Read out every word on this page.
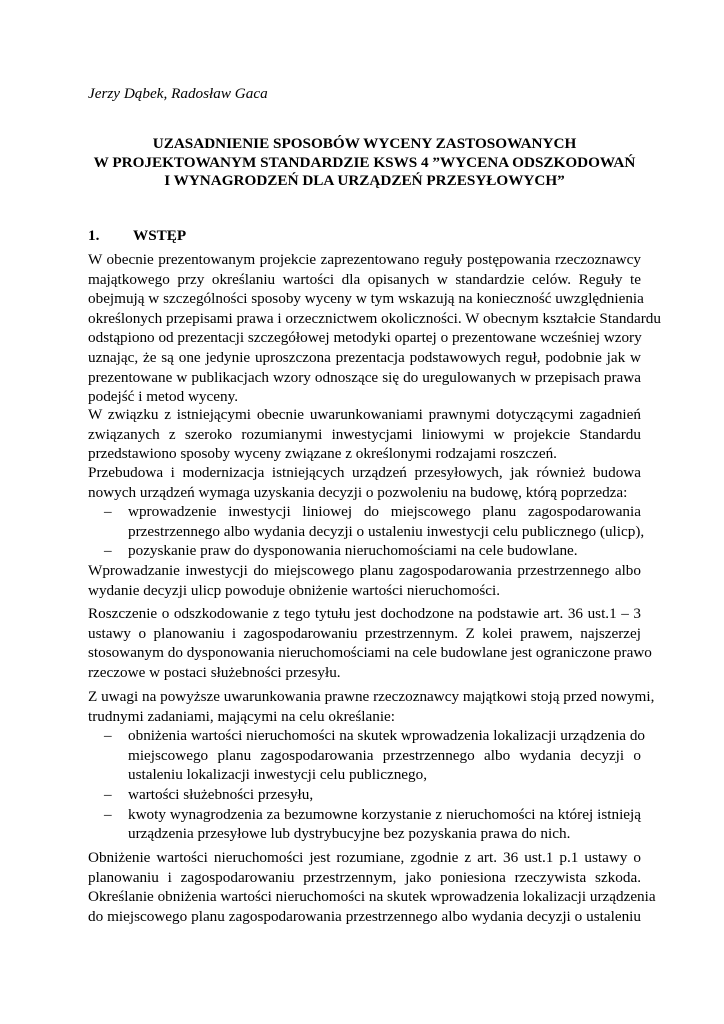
Jerzy Dąbek, Radosław Gaca
UZASADNIENIE SPOSOBÓW WYCENY ZASTOSOWANYCH
W PROJEKTOWANYM STANDARDZIE KSWS 4 ”WYCENA ODSZKODOWAŃ
I WYNAGRODZEŃ DLA URZĄDZEŃ PRZESYŁOWYCH”
1. WSTĘP
W obecnie prezentowanym projekcie zaprezentowano reguły postępowania rzeczoznawcy
majątkowego przy określaniu wartości dla opisanych w standardzie celów. Reguły te
obejmują w szczególności sposoby wyceny w tym wskazują na konieczność uwzględnienia
określonych przepisami prawa i orzecznictwem okoliczności. W obecnym kształcie Standardu
odstąpiono od prezentacji szczegółowej metodyki opartej o prezentowane wcześniej wzory
uznając, że są one jedynie uproszczona prezentacja podstawowych reguł, podobnie jak w
prezentowane w publikacjach wzory odnoszące się do uregulowanych w przepisach prawa
podejść i metod wyceny.
W związku z istniejącymi obecnie uwarunkowaniami prawnymi dotyczącymi zagadnień
związanych z szeroko rozumianymi inwestycjami liniowymi w projekcie Standardu
przedstawiono sposoby wyceny związane z określonymi rodzajami roszczeń.
Przebudowa i modernizacja istniejących urządzeń przesyłowych, jak również budowa
nowych urządzeń wymaga uzyskania decyzji o pozwoleniu na budowę, którą poprzedza:
– wprowadzenie inwestycji liniowej do miejscowego planu zagospodarowania
przestrzennego albo wydania decyzji o ustaleniu inwestycji celu publicznego (ulicp),
– pozyskanie praw do dysponowania nieruchomościami na cele budowlane.
Wprowadzanie inwestycji do miejscowego planu zagospodarowania przestrzennego albo
wydanie decyzji ulicp powoduje obniżenie wartości nieruchomości.
Roszczenie o odszkodowanie z tego tytułu jest dochodzone na podstawie art. 36 ust.1 – 3
ustawy o planowaniu i zagospodarowaniu przestrzennym. Z kolei prawem, najszerzej
stosowanym do dysponowania nieruchomościami na cele budowlane jest ograniczone prawo
rzeczowe w postaci służebności przesyłu.
Z uwagi na powyższe uwarunkowania prawne rzeczoznawcy majątkowi stoją przed nowymi,
trudnymi zadaniami, mającymi na celu określanie:
– obniżenia wartości nieruchomości na skutek wprowadzenia lokalizacji urządzenia do
miejscowego planu zagospodarowania przestrzennego albo wydania decyzji o
ustaleniu lokalizacji inwestycji celu publicznego,
– wartości służebności przesyłu,
– kwoty wynagrodzenia za bezumowne korzystanie z nieruchomości na której istnieją
urządzenia przesyłowe lub dystrybucyjne bez pozyskania prawa do nich.
Obniżenie wartości nieruchomości jest rozumiane, zgodnie z art. 36 ust.1 p.1 ustawy o
planowaniu i zagospodarowaniu przestrzennym, jako poniesiona rzeczywista szkoda.
Określanie obniżenia wartości nieruchomości na skutek wprowadzenia lokalizacji urządzenia
do miejscowego planu zagospodarowania przestrzennego albo wydania decyzji o ustaleniu
